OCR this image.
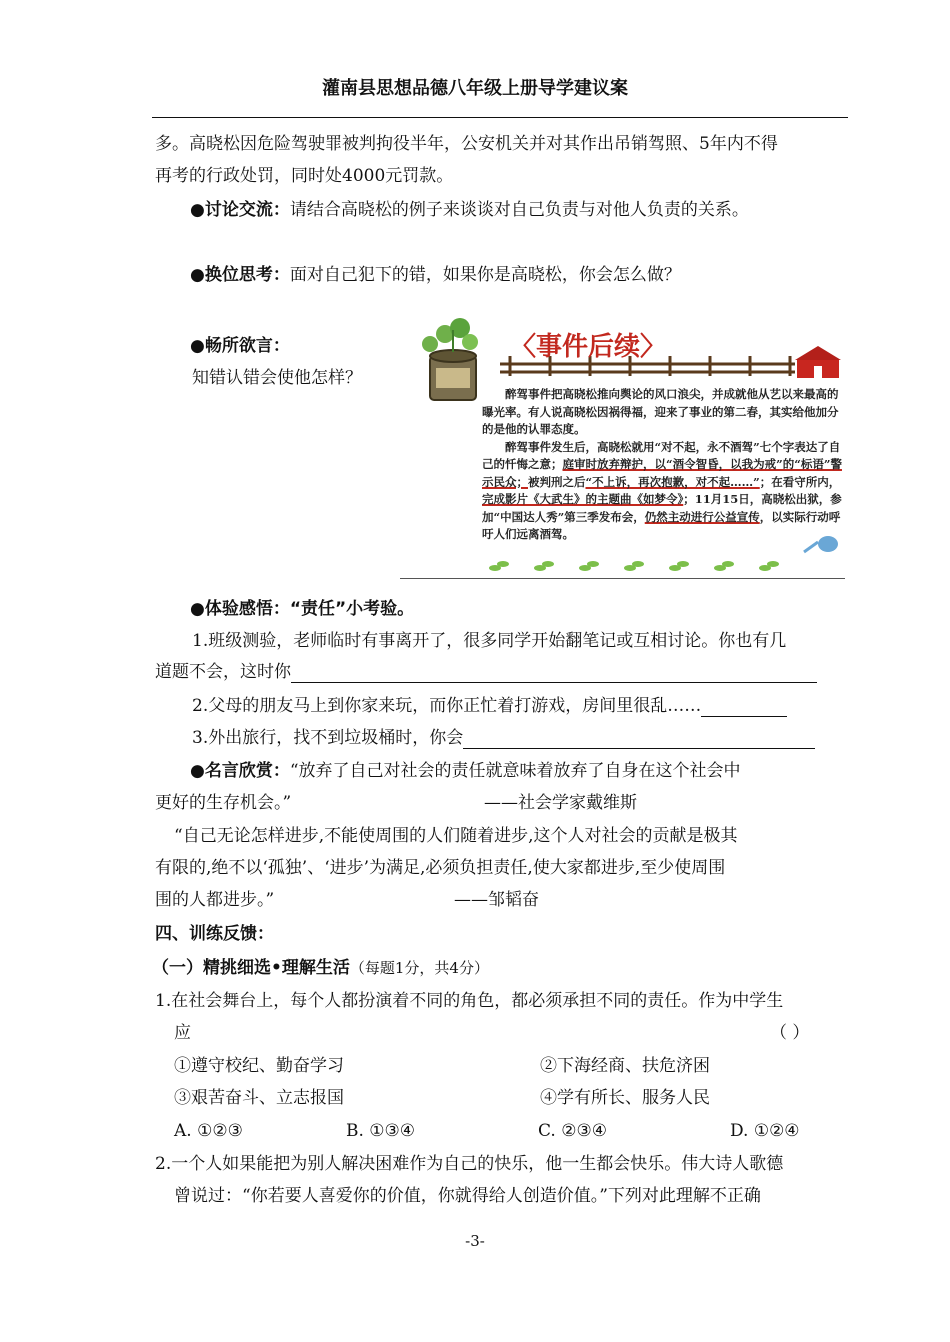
灌南县思想品德八年级上册导学建议案
多。高晓松因危险驾驶罪被判拘役半年，公安机关并对其作出吊销驾照、5年内不得
再考的行政处罚，同时处4000元罚款。
●讨论交流：请结合高晓松的例子来谈谈对自己负责与对他人负责的关系。
●换位思考：面对自己犯下的错，如果你是高晓松，你会怎么做？
●畅所欲言：
知错认错会使他怎样？
〈事件后续〉
醉驾事件把高晓松推向舆论的风口浪尖，并成就他从艺以来最高的曝光率。有人说高晓松因祸得福，迎来了事业的第二春，其实给他加分的是他的认罪态度。
醉驾事件发生后，高晓松就用“对不起，永不酒驾”七个字表达了自己的忏悔之意；庭审时放弃辩护，以“酒令智昏，以我为戒”的“标语”警示民众；被判刑之后“不上诉，再次抱歉，对不起……”；在看守所内，完成影片《大武生》的主题曲《如梦令》；11月15日，高晓松出狱，参加“中国达人秀”第三季发布会，仍然主动进行公益宣传，以实际行动呼吁人们远离酒驾。
●体验感悟：“责任”小考验。
1.班级测验，老师临时有事离开了，很多同学开始翻笔记或互相讨论。你也有几
道题不会，这时你
2.父母的朋友马上到你家来玩，而你正忙着打游戏，房间里很乱……
3.外出旅行，找不到垃圾桶时，你会
●名言欣赏：“放弃了自己对社会的责任就意味着放弃了自身在这个社会中
更好的生存机会。”	——社会学家戴维斯
“自己无论怎样进步,不能使周围的人们随着进步,这个人对社会的贡献是极其
有限的,绝不以‘孤独’、‘进步’为满足,必须负担责任,使大家都进步,至少使周围
围的人都进步。”	——邹韬奋
四、训练反馈：
（一）精挑细选•理解生活（每题1分，共4分）
1.在社会舞台上，每个人都扮演着不同的角色，都必须承担不同的责任。作为中学生
应	（ ）
①遵守校纪、勤奋学习	②下海经商、扶危济困
③艰苦奋斗、立志报国	④学有所长、服务人民
A. ①②③	B. ①③④	C. ②③④	D. ①②④
2.一个人如果能把为别人解决困难作为自己的快乐，他一生都会快乐。伟大诗人歌德
曾说过：“你若要人喜爱你的价值，你就得给人创造价值。”下列对此理解不正确
-3-
